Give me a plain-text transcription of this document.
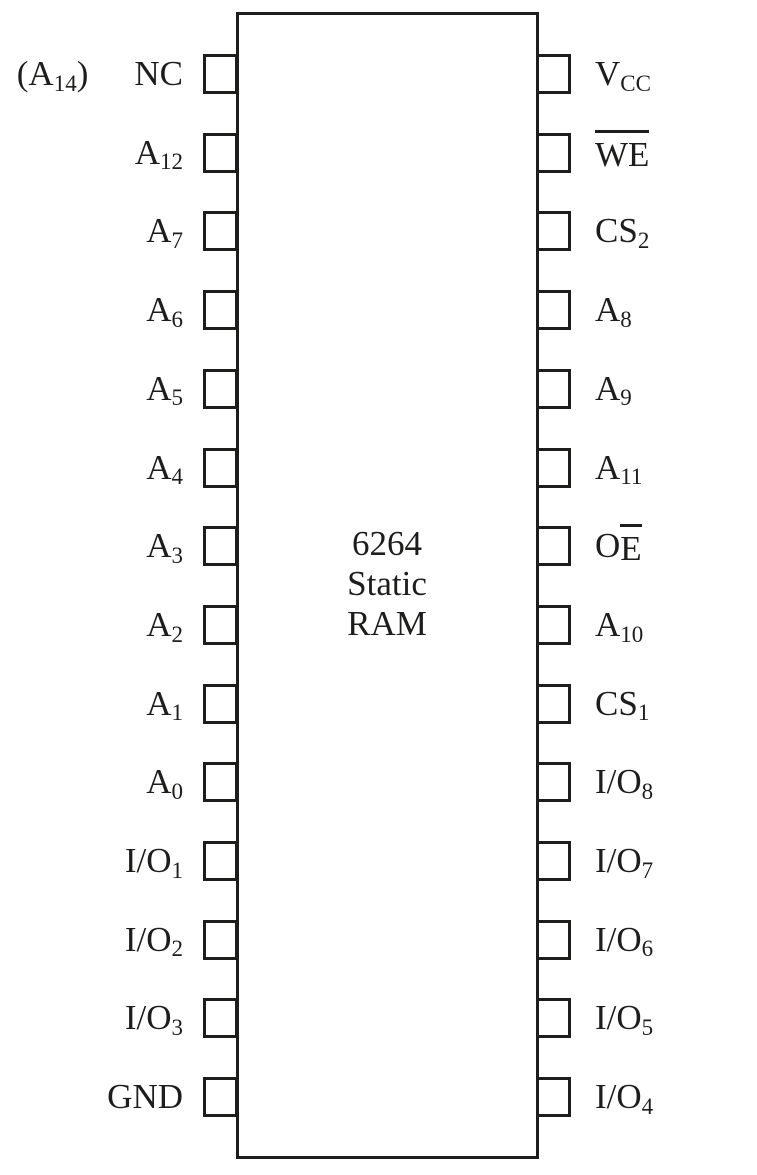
6264
Static
RAM
(A 14 ) NC
A 12
A 7
A 6
A 5
A 4
A 3
A 2
A 1
A 0
I/O 1
I/O 2
I/O 3
GND
V CC
WE
CS 2
A 8
A 9
A 11
O E
A 10
CS 1
I/O 8
I/O 7
I/O 6
I/O 5
I/O 4
